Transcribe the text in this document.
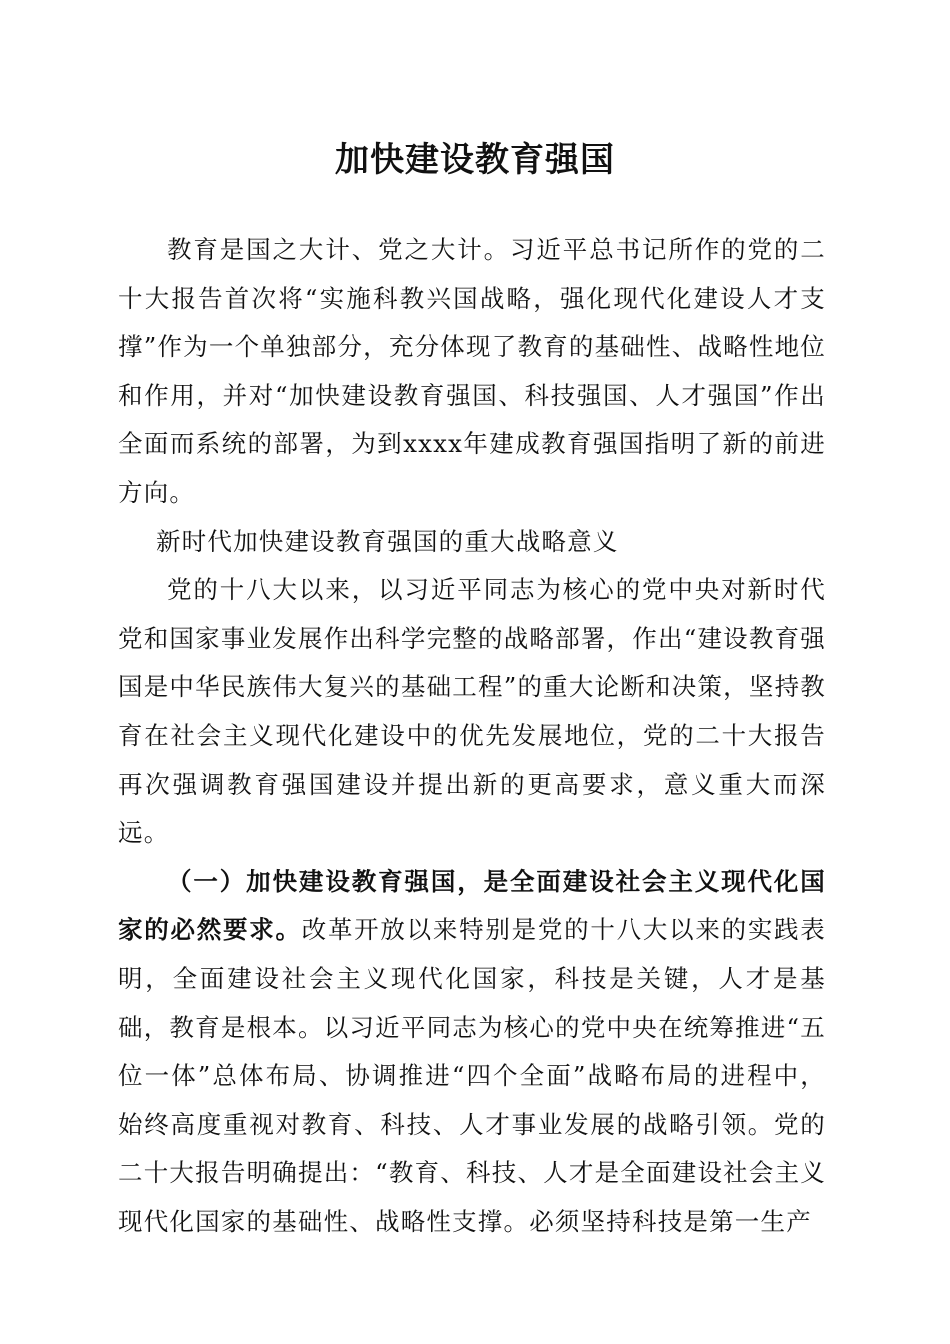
加快建设教育强国

教育是国之大计、党之大计。习近平总书记所作的党的二十大报告首次将“实施科教兴国战略，强化现代化建设人才支撑”作为一个单独部分，充分体现了教育的基础性、战略性地位和作用，并对“加快建设教育强国、科技强国、人才强国”作出全面而系统的部署，为到xxxx年建成教育强国指明了新的前进方向。

新时代加快建设教育强国的重大战略意义

党的十八大以来，以习近平同志为核心的党中央对新时代党和国家事业发展作出科学完整的战略部署，作出“建设教育强国是中华民族伟大复兴的基础工程”的重大论断和决策，坚持教育在社会主义现代化建设中的优先发展地位，党的二十大报告再次强调教育强国建设并提出新的更高要求，意义重大而深远。

（一）加快建设教育强国，是全面建设社会主义现代化国家的必然要求。改革开放以来特别是党的十八大以来的实践表明，全面建设社会主义现代化国家，科技是关键，人才是基础，教育是根本。以习近平同志为核心的党中央在统筹推进“五位一体”总体布局、协调推进“四个全面”战略布局的进程中，始终高度重视对教育、科技、人才事业发展的战略引领。党的二十大报告明确提出：“教育、科技、人才是全面建设社会主义现代化国家的基础性、战略性支撑。必须坚持科技是第一生产
